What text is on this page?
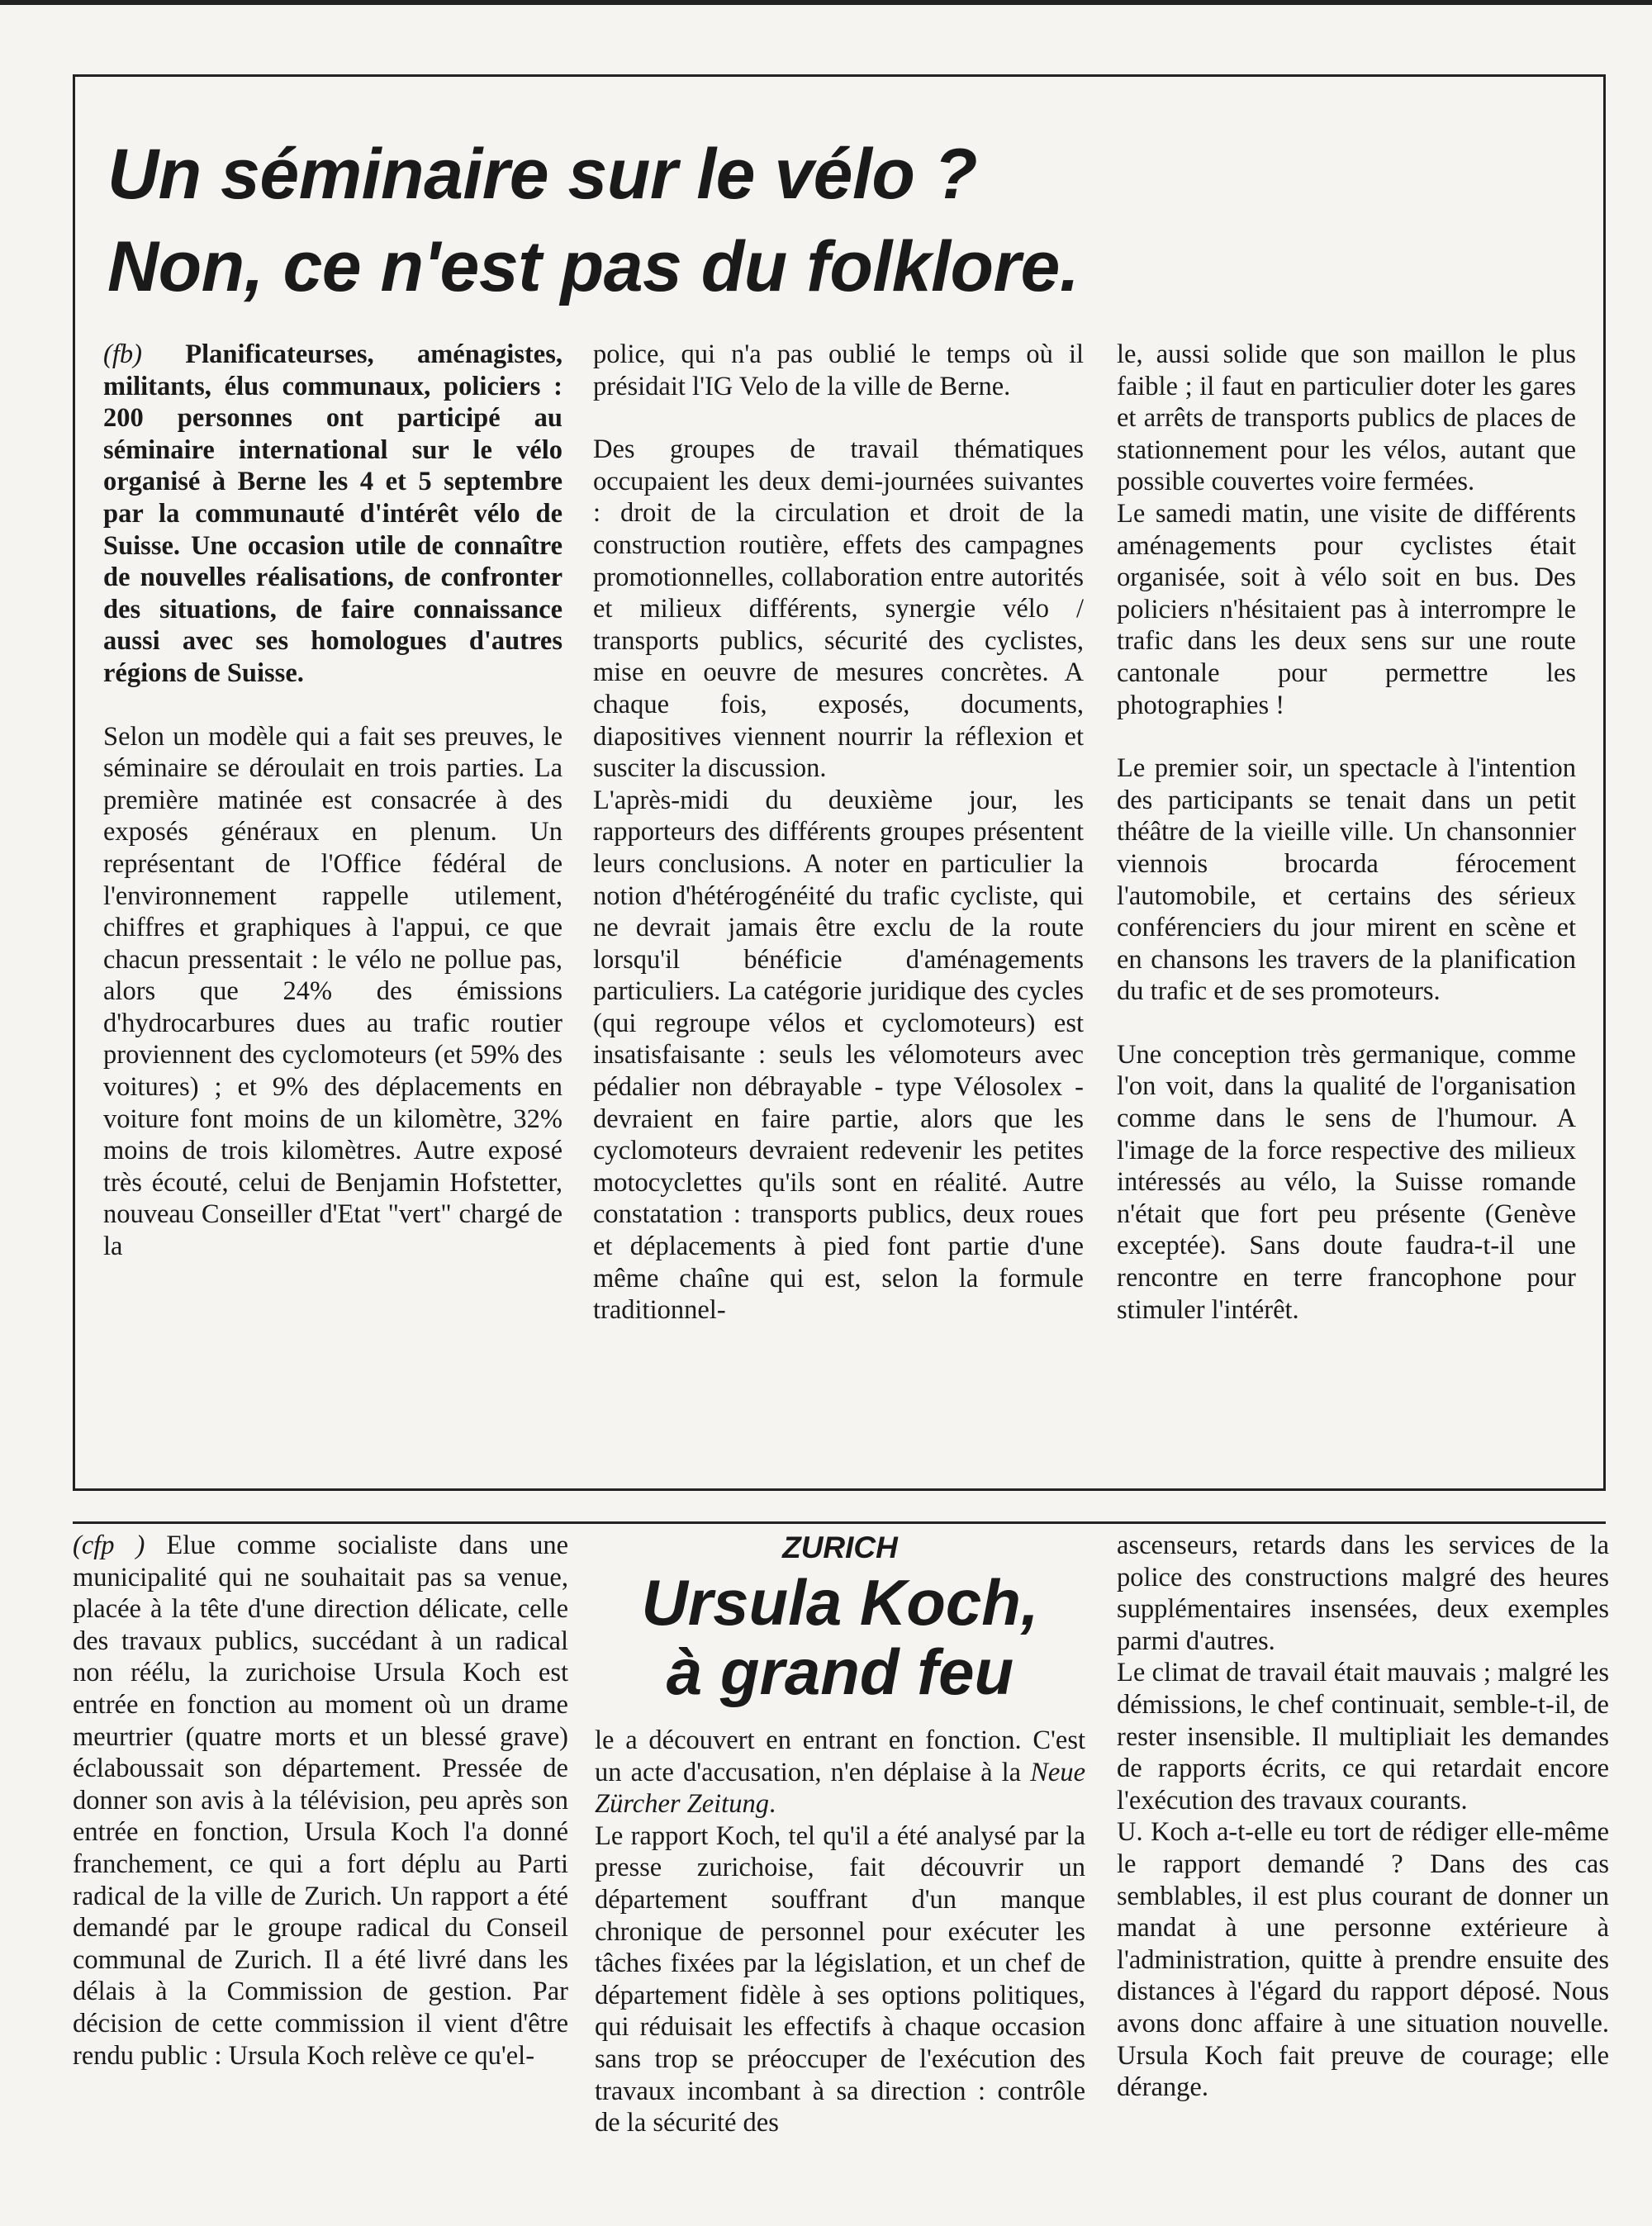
Un séminaire sur le vélo ?
Non, ce n'est pas du folklore.

(fb) Planificateurses, aménagistes, militants, élus communaux, policiers : 200 personnes ont participé au séminaire international sur le vélo organisé à Berne les 4 et 5 septembre par la communauté d'intérêt vélo de Suisse. Une occasion utile de connaître de nouvelles réalisations, de confronter des situations, de faire connaissance aussi avec ses homologues d'autres régions de Suisse.

Selon un modèle qui a fait ses preuves, le séminaire se déroulait en trois parties. La première matinée est consacrée à des exposés généraux en plenum. Un représentant de l'Office fédéral de l'environnement rappelle utilement, chiffres et graphiques à l'appui, ce que chacun pressentait : le vélo ne pollue pas, alors que 24% des émissions d'hydrocarbures dues au trafic routier proviennent des cyclomoteurs (et 59% des voitures) ; et 9% des déplacements en voiture font moins de un kilomètre, 32% moins de trois kilomètres. Autre exposé très écouté, celui de Benjamin Hofstetter, nouveau Conseiller d'Etat "vert" chargé de la

police, qui n'a pas oublié le temps où il présidait l'IG Velo de la ville de Berne.

Des groupes de travail thématiques occupaient les deux demi-journées suivantes : droit de la circulation et droit de la construction routière, effets des campagnes promotionnelles, collaboration entre autorités et milieux différents, synergie vélo / transports publics, sécurité des cyclistes, mise en oeuvre de mesures concrètes. A chaque fois, exposés, documents, diapositives viennent nourrir la réflexion et susciter la discussion.

L'après-midi du deuxième jour, les rapporteurs des différents groupes présentent leurs conclusions. A noter en particulier la notion d'hétérogénéité du trafic cycliste, qui ne devrait jamais être exclu de la route lorsqu'il bénéficie d'aménagements particuliers. La catégorie juridique des cycles (qui regroupe vélos et cyclomoteurs) est insatisfaisante : seuls les vélomoteurs avec pédalier non débrayable - type Vélosolex - devraient en faire partie, alors que les cyclomoteurs devraient redevenir les petites motocyclettes qu'ils sont en réalité. Autre constatation : transports publics, deux roues et déplacements à pied font partie d'une même chaîne qui est, selon la formule traditionnel-

le, aussi solide que son maillon le plus faible ; il faut en particulier doter les gares et arrêts de transports publics de places de stationnement pour les vélos, autant que possible couvertes voire fermées.

Le samedi matin, une visite de différents aménagements pour cyclistes était organisée, soit à vélo soit en bus. Des policiers n'hésitaient pas à interrompre le trafic dans les deux sens sur une route cantonale pour permettre les photographies !

Le premier soir, un spectacle à l'intention des participants se tenait dans un petit théâtre de la vieille ville. Un chansonnier viennois brocarda férocement l'automobile, et certains des sérieux conférenciers du jour mirent en scène et en chansons les travers de la planification du trafic et de ses promoteurs.

Une conception très germanique, comme l'on voit, dans la qualité de l'organisation comme dans le sens de l'humour. A l'image de la force respective des milieux intéressés au vélo, la Suisse romande n'était que fort peu présente (Genève exceptée). Sans doute faudra-t-il une rencontre en terre francophone pour stimuler l'intérêt.

(cfp ) Elue comme socialiste dans une municipalité qui ne souhaitait pas sa venue, placée à la tête d'une direction délicate, celle des travaux publics, succédant à un radical non réélu, la zurichoise Ursula Koch est entrée en fonction au moment où un drame meurtrier (quatre morts et un blessé grave) éclaboussait son département. Pressée de donner son avis à la télévision, peu après son entrée en fonction, Ursula Koch l'a donné franchement, ce qui a fort déplu au Parti radical de la ville de Zurich. Un rapport a été demandé par le groupe radical du Conseil communal de Zurich. Il a été livré dans les délais à la Commission de gestion. Par décision de cette commission il vient d'être rendu public : Ursula Koch relève ce qu'el-

ZURICH
Ursula Koch,
à grand feu

le a découvert en entrant en fonction. C'est un acte d'accusation, n'en déplaise à la Neue Zürcher Zeitung.

Le rapport Koch, tel qu'il a été analysé par la presse zurichoise, fait découvrir un département souffrant d'un manque chronique de personnel pour exécuter les tâches fixées par la législation, et un chef de département fidèle à ses options politiques, qui réduisait les effectifs à chaque occasion sans trop se préoccuper de l'exécution des travaux incombant à sa direction : contrôle de la sécurité des

ascenseurs, retards dans les services de la police des constructions malgré des heures supplémentaires insensées, deux exemples parmi d'autres.

Le climat de travail était mauvais ; malgré les démissions, le chef continuait, semble-t-il, de rester insensible. Il multipliait les demandes de rapports écrits, ce qui retardait encore l'exécution des travaux courants.

U. Koch a-t-elle eu tort de rédiger elle-même le rapport demandé ? Dans des cas semblables, il est plus courant de donner un mandat à une personne extérieure à l'administration, quitte à prendre ensuite des distances à l'égard du rapport déposé. Nous avons donc affaire à une situation nouvelle. Ursula Koch fait preuve de courage; elle dérange.
